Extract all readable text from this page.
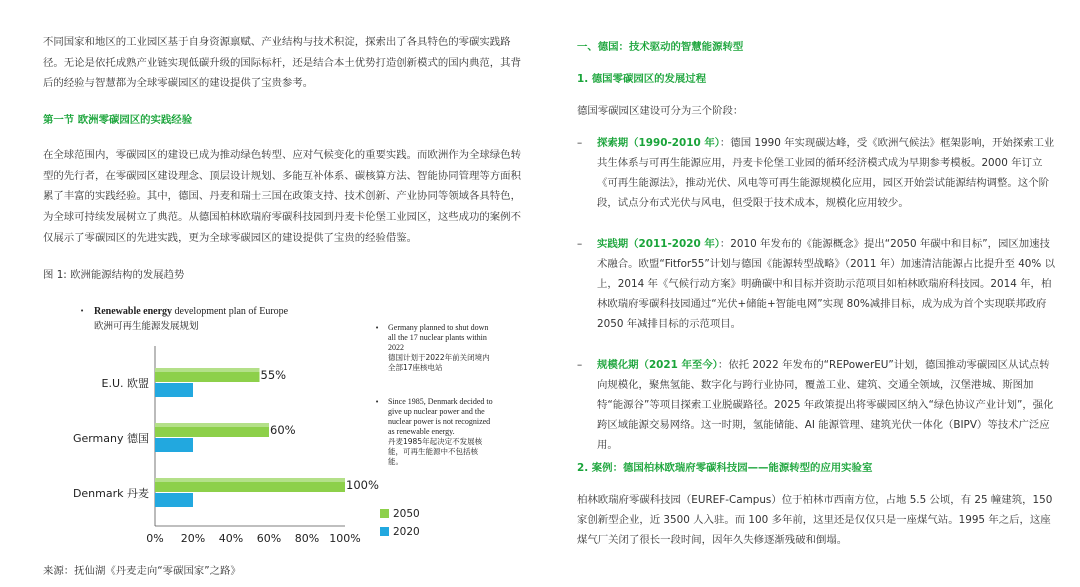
不同国家和地区的工业园区基于自身资源禀赋、产业结构与技术积淀，探索出了各具特色的零碳实践路径。无论是依托成熟产业链实现低碳升级的国际标杆，还是结合本土优势打造创新模式的国内典范，其背后的经验与智慧都为全球零碳园区的建设提供了宝贵参考。

第一节 欧洲零碳园区的实践经验

在全球范围内，零碳园区的建设已成为推动绿色转型、应对气候变化的重要实践。而欧洲作为全球绿色转型的先行者，在零碳园区建设理念、顶层设计规划、多能互补体系、碳核算方法、智能协同管理等方面积累了丰富的实践经验。其中，德国、丹麦和瑞士三国在政策支持、技术创新、产业协同等领域各具特色，为全球可持续发展树立了典范。从德国柏林欧瑞府零碳科技园到丹麦卡伦堡工业园区，这些成功的案例不仅展示了零碳园区的先进实践，更为全球零碳园区的建设提供了宝贵的经验借鉴。

图 1: 欧洲能源结构的发展趋势
来源：抚仙湖《丹麦走向“零碳国家”之路》
• Renewable energy development plan of Europe
欧洲可再生能源发展规划
55%
60%
100%
E.U. 欧盟
Germany 德国
Denmark 丹麦
0% 20% 40% 60% 80% 100%
2050
2020
• Germany planned to shut down
all the 17 nuclear plants within
2022
德国计划于2022年前关闭境内
全部17座核电站
• Since 1985, Denmark decided to
give up nuclear power and the
nuclear power is not recognized
as renewable energy.
丹麦1985年起决定不发展核
能，可再生能源中不包括核
能。
一、德国：技术驱动的智慧能源转型
1. 德国零碳园区的发展过程
德国零碳园区建设可分为三个阶段：
– 探索期（1990-2010 年）：德国 1990 年实现碳达峰，受《欧洲气候法》框架影响，开始探索工业共生体系与可再生能源应用，丹麦卡伦堡工业园的循环经济模式成为早期参考模板。2000 年订立《可再生能源法》，推动光伏、风电等可再生能源规模化应用，园区开始尝试能源结构调整。这个阶段，试点分布式光伏与风电，但受限于技术成本，规模化应用较少。
– 实践期（2011-2020 年）：2010 年发布的《能源概念》提出“2050 年碳中和目标”，园区加速技术融合。欧盟“Fitfor55”计划与德国《能源转型战略》（2011 年）加速清洁能源占比提升至 40% 以上，2014 年《气候行动方案》明确碳中和目标并资助示范项目如柏林欧瑞府科技园。2014 年，柏林欧瑞府零碳科技园通过“光伏+储能+智能电网”实现 80%减排目标，成为成为首个实现联邦政府 2050 年减排目标的示范项目。
– 规模化期（2021 年至今）：依托 2022 年发布的“REPowerEU”计划，德国推动零碳园区从试点转向规模化，聚焦氢能、数字化与跨行业协同，覆盖工业、建筑、交通全领域，汉堡港城、斯图加特“能源谷”等项目探索工业脱碳路径。2025 年政策提出将零碳园区纳入“绿色协议产业计划”，强化跨区域能源交易网络。这一时期，氢能储能、AI 能源管理、建筑光伏一体化（BIPV）等技术广泛应用。
2. 案例：德国柏林欧瑞府零碳科技园——能源转型的应用实验室

柏林欧瑞府零碳科技园（EUREF-Campus）位于柏林市西南方位，占地 5.5 公顷，有 25 幢建筑，150 家创新型企业，近 3500 人入驻。而 100 多年前，这里还是仅仅只是一座煤气站。1995 年之后，这座煤气厂关闭了很长一段时间，因年久失修逐渐残破和倒塌。
